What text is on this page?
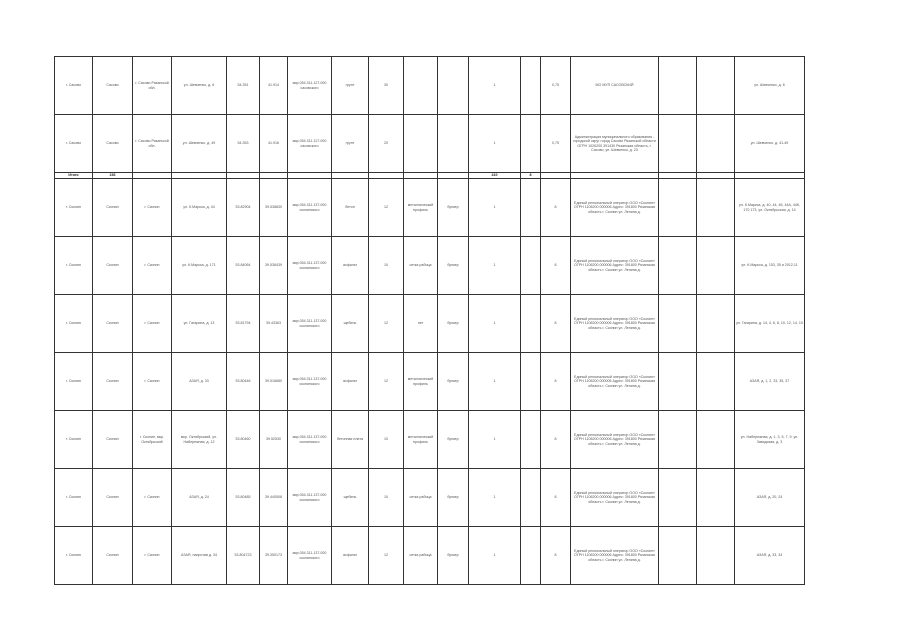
г. Сасово	Сасово	г. Сасово Рязанской обл.	ул. Шевченко, д. 6	54.351	41.914	мкр.054.311.127.000 сасовского	грунт	30			1		0,75	МО МУП САСОВСКИЙ			ул. Шевченко, д. 6
г. Сасово	Сасово	г. Сасово Рязанской обл.	ул. Шевченко, д. 49	54.353	41.916	мкр.054.311.127.000 сасовского	грунт	20			1		0,75	Администрация муниципального образования - городской округ город Сасово Рязанской области ОГРН 1026200 391430 Рязанская область, г. Сасово, ул. Шевченко, д. 23			ул. Шевченко, д. 41-49
Итого	236										410	8					
г. Скопин	Скопин	г. Скопин	ул. К.Маркса, д. 44	53.82904	39.538830	мкр.054.311.137.000 скопинского	бетон	12	металлический профиль	бункер	1		8	Единый региональный оператор ООО «Скопин» ОГРН 1106200 000006 Адрес: 391800 Рязанская область г. Скопин ул. Ленина д.			ул. К.Маркса, д. 40, 44, 46, 44А, 44К, 170 173, ул. Октябрьская, д. 14
г. Скопин	Скопин	г. Скопин	ул. К.Маркса, д. 171	53.84064	39.538439	мкр.054.311.137.000 скопинского	асфальт	10	сетка рабица	бункер	1		8	Единый региональный оператор ООО «Скопин» ОГРН 1106200 000006 Адрес: 391800 Рязанская область г. Скопин ул. Ленина д.			ул. К.Маркса, д. 153, 35 и 2012,11
г. Скопин	Скопин	г. Скопин	ул. Гагарина, д. 13	53.81794	39.43363	мкр.054.311.137.000 скопинского	щебень	12	нет	бункер	1		8	Единый региональный оператор ООО «Скопин» ОГРН 1106200 000006 Адрес: 391800 Рязанская область г. Скопин ул. Ленина д.			ул. Гагарина, д. 14, 4, 6, 8, 10, 12, 14, 15
г. Скопин	Скопин	г. Скопин	АЗАЯ, д. 33	53.80446	39.516680	мкр.054.311.137.000 скопинского	асфальт	12	металлический профиль	бункер	1		8	Единый региональный оператор ООО «Скопин» ОГРН 1106200 000006 Адрес: 391800 Рязанская область г. Скопин ул. Ленина д.			АЗАЯ, д. 1, 2, 33, 35, 37
г. Скопин	Скопин	г. Скопин, мкр. Октябрьский	мкр. Октябрьский, ул. Набережная, д. 12	53.80460	39.52530	мкр.054.311.137.000 скопинского	бетонная плита	10	металлический профиль	бункер	1		8	Единый региональный оператор ООО «Скопин» ОГРН 1106200 000006 Адрес: 391800 Рязанская область г. Скопин ул. Ленина д.			ул. Набережная, д. 1, 3, 5, 7, 9, ул. Заводская, д. 3
г. Скопин	Скопин	г. Скопин	АЗАЯ, д. 24	53.80485	39.440508	мкр.054.311.137.000 скопинского	щебень	10	сетка рабица	бункер	1		8	Единый региональный оператор ООО «Скопин» ОГРН 1106200 000006 Адрес: 391800 Рязанская область г. Скопин ул. Ленина д.			АЗАЯ, д. 20, 24
г. Скопин	Скопин	г. Скопин	АЗАЯ, напротив д. 34	53.804723	39.350173	мкр.054.311.137.000 скопинского	асфальт	12	сетка рабица	бункер	1		8	Единый региональный оператор ООО «Скопин» ОГРН 1106200 000006 Адрес: 391800 Рязанская область г. Скопин ул. Ленина д.			АЗАЯ, д. 33, 34
